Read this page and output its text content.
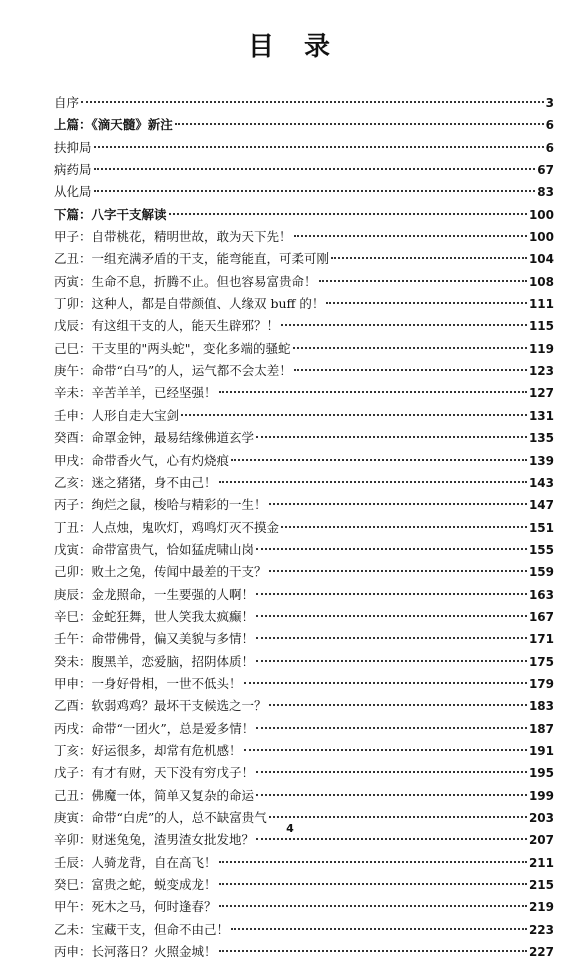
目　录
自序	3
上篇：《滴天髓》新注	6
扶抑局	6
病药局	67
从化局	83
下篇：八字干支解读	100
甲子：自带桃花，精明世故，敢为天下先！	100
乙丑：一组充满矛盾的干支，能弯能直，可柔可刚	104
丙寅：生命不息，折腾不止。但也容易富贵命！	108
丁卯：这种人，都是自带颜值、人缘双 buff 的！	111
戊辰：有这组干支的人，能天生辟邪？！	115
己巳：干支里的"两头蛇"，变化多端的骚蛇	119
庚午：命带“白马”的人，运气都不会太差！	123
辛未：辛苦羊羊，已经坚强！	127
壬申：人形自走大宝剑	131
癸酉：命罩金钟，最易结缘佛道玄学	135
甲戌：命带香火气，心有灼烧痕	139
乙亥：迷之猪猪，身不由己！	143
丙子：绚烂之鼠，梭哈与精彩的一生！	147
丁丑：人点烛，鬼吹灯，鸡鸣灯灭不摸金	151
戊寅：命带富贵气，恰如猛虎啸山岗	155
己卯：败土之兔，传闻中最差的干支？	159
庚辰：金龙照命，一生要强的人啊！	163
辛巳：金蛇狂舞，世人笑我太疯癫！	167
壬午：命带佛骨，偏又美貌与多情！	171
癸未：腹黑羊，恋爱脑，招阴体质！	175
甲申：一身好骨相，一世不低头！	179
乙酉：软弱鸡鸡？最坏干支候选之一？	183
丙戌：命带“一团火”，总是爱多情！	187
丁亥：好运很多，却常有危机感！	191
戊子：有才有财，天下没有穷戊子！	195
己丑：佛魔一体，简单又复杂的命运	199
庚寅：命带“白虎”的人，总不缺富贵气	203
辛卯：财迷兔兔，渣男渣女批发地？	207
壬辰：人骑龙背，自在高飞！	211
癸巳：富贵之蛇，蜕变成龙！	215
甲午：死木之马，何时逢春？	219
乙未：宝藏干支，但命不由己！	223
丙申：长河落日？火照金城！	227
4
